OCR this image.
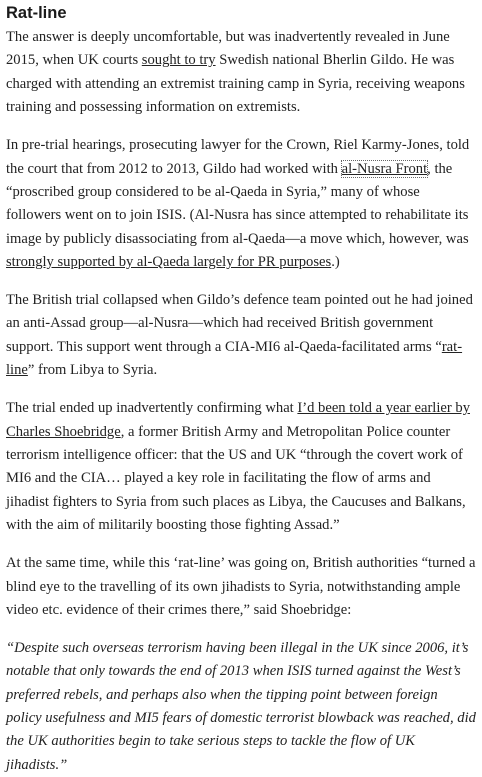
Rat-line

The answer is deeply uncomfortable, but was inadvertently revealed in June 2015, when UK courts sought to try Swedish national Bherlin Gildo. He was charged with attending an extremist training camp in Syria, receiving weapons training and possessing information on extremists.

In pre-trial hearings, prosecuting lawyer for the Crown, Riel Karmy-Jones, told the court that from 2012 to 2013, Gildo had worked with al-Nusra Front, the “proscribed group considered to be al-Qaeda in Syria,” many of whose followers went on to join ISIS. (Al-Nusra has since attempted to rehabilitate its image by publicly disassociating from al-Qaeda—a move which, however, was strongly supported by al-Qaeda largely for PR purposes.)

The British trial collapsed when Gildo’s defence team pointed out he had joined an anti-Assad group—al-Nusra—which had received British government support. This support went through a CIA-MI6 al-Qaeda-facilitated arms “rat-line” from Libya to Syria.

The trial ended up inadvertently confirming what I’d been told a year earlier by Charles Shoebridge, a former British Army and Metropolitan Police counter terrorism intelligence officer: that the US and UK “through the covert work of MI6 and the CIA… played a key role in facilitating the flow of arms and jihadist fighters to Syria from such places as Libya, the Caucuses and Balkans, with the aim of militarily boosting those fighting Assad.”

At the same time, while this ‘rat-line’ was going on, British authorities “turned a blind eye to the travelling of its own jihadists to Syria, notwithstanding ample video etc. evidence of their crimes there,” said Shoebridge:

“Despite such overseas terrorism having been illegal in the UK since 2006, it’s notable that only towards the end of 2013 when ISIS turned against the West’s preferred rebels, and perhaps also when the tipping point between foreign policy usefulness and MI5 fears of domestic terrorist blowback was reached, did the UK authorities begin to take serious steps to tackle the flow of UK jihadists.”
